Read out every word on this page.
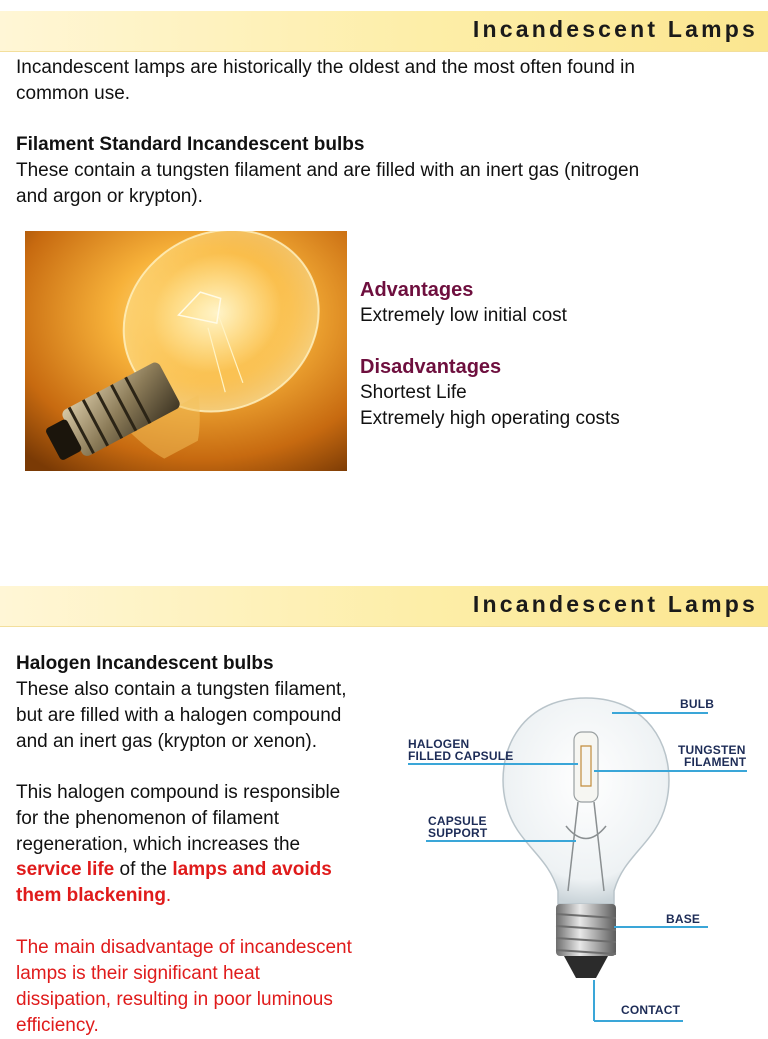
Incandescent Lamps

Incandescent lamps are historically the oldest and the most often found in

common use.

Filament Standard Incandescent bulbs

These contain a tungsten filament and are filled with an inert gas (nitrogen

and argon or krypton).

Advantages

Extremely low initial cost

Disadvantages

Shortest Life

Extremely high operating costs

Incandescent Lamps

Halogen Incandescent bulbs

These also contain a tungsten filament,

but are filled with a halogen compound

and an inert gas (krypton or xenon).

This halogen compound is responsible

for the phenomenon of filament

regeneration, which increases the

service life of the lamps and avoids

them blackening.

The main disadvantage of incandescent

lamps is their significant heat

dissipation, resulting in poor luminous

efficiency.

BULB
HALOGEN
FILLED CAPSULE	TUNGSTEN
FILAMENT
CAPSULE
SUPPORT
BASE
CONTACT
